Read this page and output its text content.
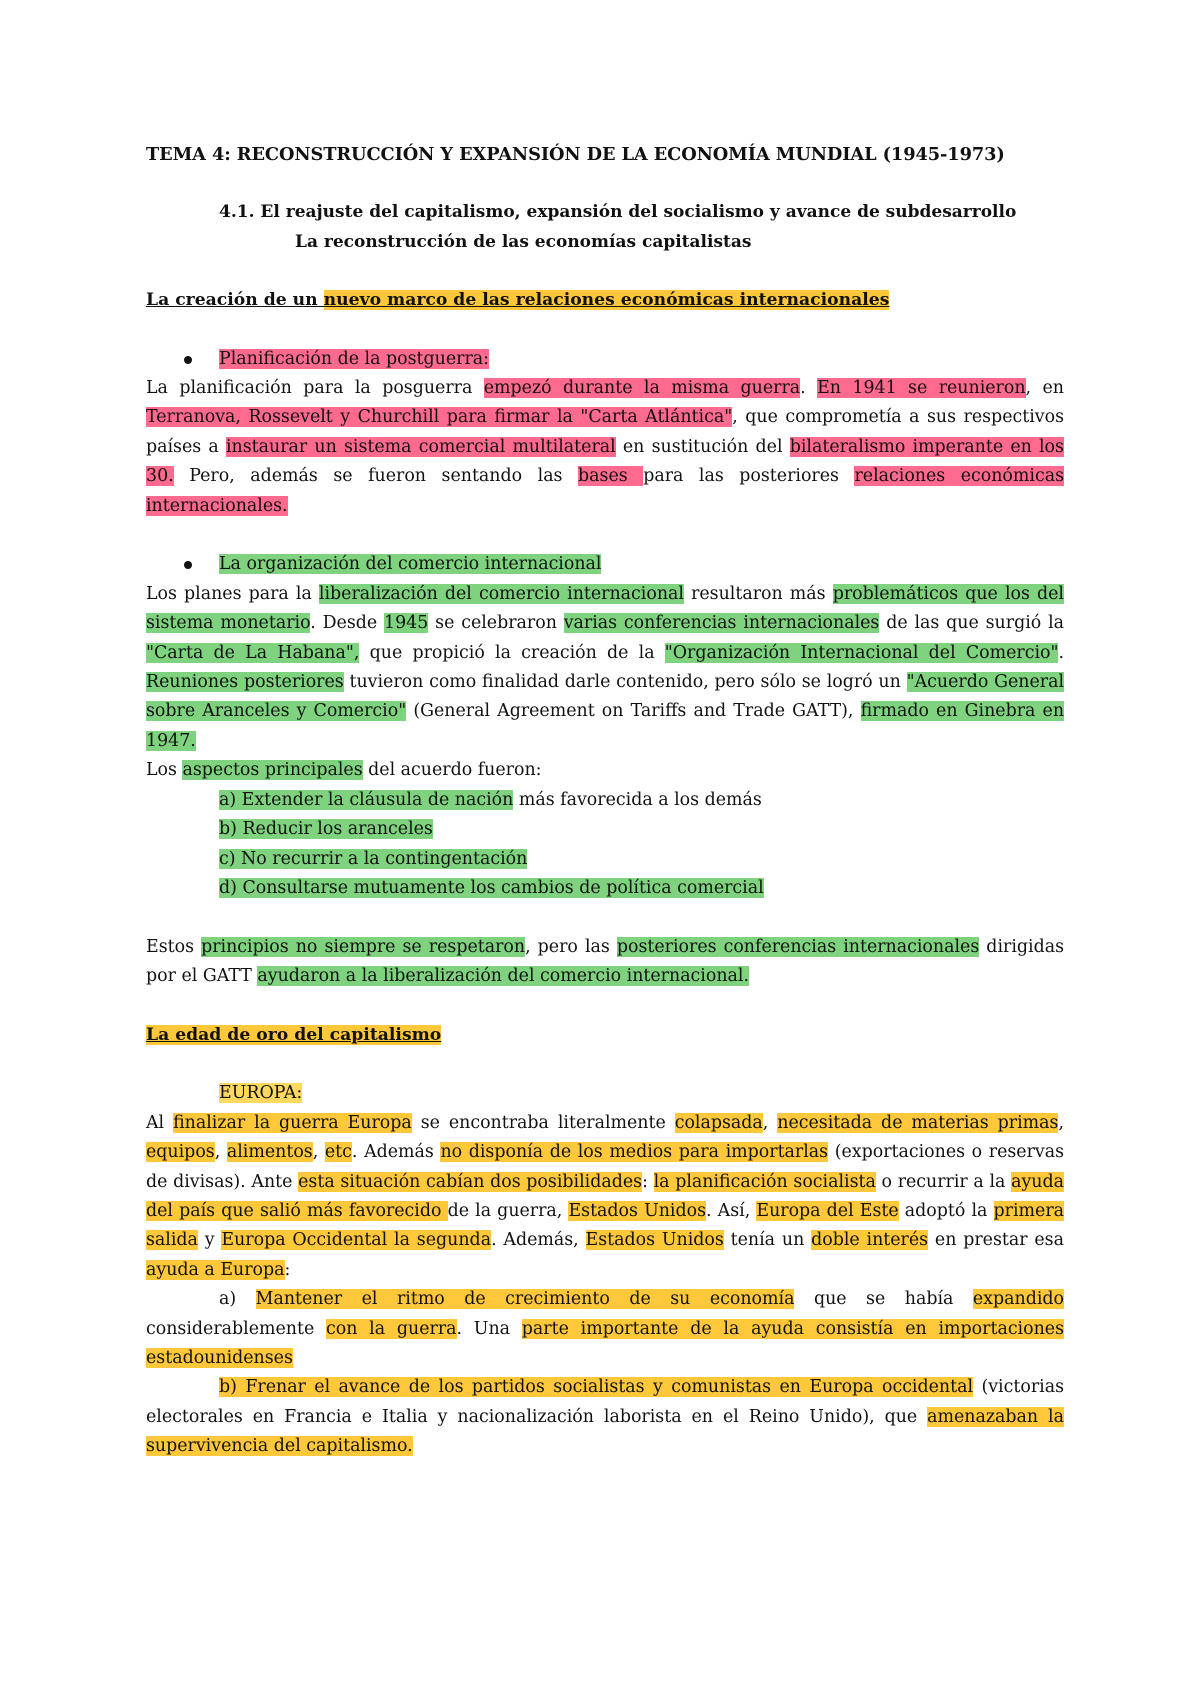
TEMA 4: RECONSTRUCCIÓN Y EXPANSIÓN DE LA ECONOMÍA MUNDIAL (1945-1973)

4.1. El reajuste del capitalismo, expansión del socialismo y avance de subdesarrollo

La reconstrucción de las economías capitalistas

La creación de un nuevo marco de las relaciones económicas internacionales

Planificación de la postguerra:

La planificación para la posguerra empezó durante la misma guerra. En 1941 se reunieron, en Terranova, Rossevelt y Churchill para firmar la "Carta Atlántica", que comprometía a sus respectivos países a instaurar un sistema comercial multilateral en sustitución del bilateralismo imperante en los 30. Pero, además se fueron sentando las bases para las posteriores relaciones económicas internacionales.

La organización del comercio internacional

Los planes para la liberalización del comercio internacional resultaron más problemáticos que los del sistema monetario. Desde 1945 se celebraron varias conferencias internacionales de las que surgió la "Carta de La Habana", que propició la creación de la "Organización Internacional del Comercio". Reuniones posteriores tuvieron como finalidad darle contenido, pero sólo se logró un "Acuerdo General sobre Aranceles y Comercio" (General Agreement on Tariffs and Trade GATT), firmado en Ginebra en 1947.

Los aspectos principales del acuerdo fueron:

a) Extender la cláusula de nación más favorecida a los demás

b) Reducir los aranceles

c) No recurrir a la contingentación

d) Consultarse mutuamente los cambios de política comercial

Estos principios no siempre se respetaron, pero las posteriores conferencias internacionales dirigidas por el GATT ayudaron a la liberalización del comercio internacional.

La edad de oro del capitalismo

EUROPA:

Al finalizar la guerra Europa se encontraba literalmente colapsada, necesitada de materias primas, equipos, alimentos, etc. Además no disponía de los medios para importarlas (exportaciones o reservas de divisas). Ante esta situación cabían dos posibilidades: la planificación socialista o recurrir a la ayuda del país que salió más favorecido de la guerra, Estados Unidos. Así, Europa del Este adoptó la primera salida y Europa Occidental la segunda. Además, Estados Unidos tenía un doble interés en prestar esa ayuda a Europa:

a) Mantener el ritmo de crecimiento de su economía que se había expandido considerablemente con la guerra. Una parte importante de la ayuda consistía en importaciones estadounidenses

b) Frenar el avance de los partidos socialistas y comunistas en Europa occidental (victorias electorales en Francia e Italia y nacionalización laborista en el Reino Unido), que amenazaban la supervivencia del capitalismo.
